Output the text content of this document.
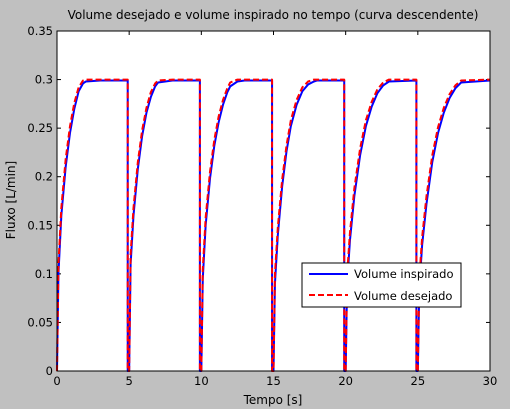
Volume desejado e volume inspirado no tempo (curva descendente)
0	5	10	15	20	25	30
0
0.05
0.1
0.15
0.2
0.25
0.3
0.35
Tempo [s]
Fluxo [L/min]
Volume inspirado
Volume desejado
